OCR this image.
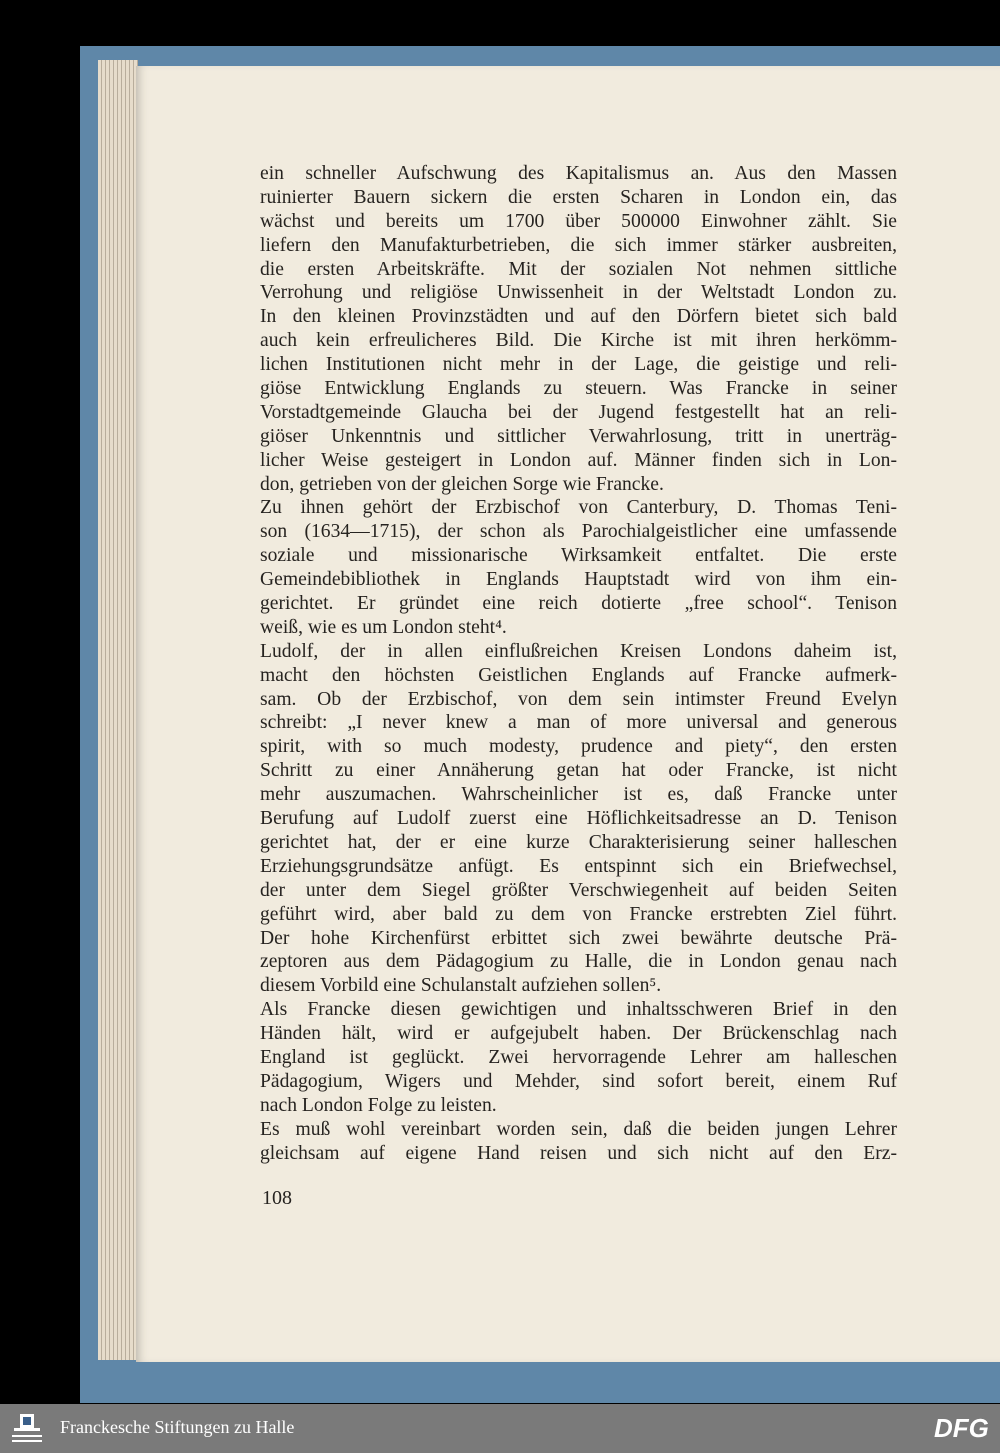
ein schneller Aufschwung des Kapitalismus an. Aus den Massen
ruinierter Bauern sickern die ersten Scharen in London ein, das
wächst und bereits um 1700 über 500000 Einwohner zählt. Sie
liefern den Manufakturbetrieben, die sich immer stärker ausbreiten,
die ersten Arbeitskräfte. Mit der sozialen Not nehmen sittliche
Verrohung und religiöse Unwissenheit in der Weltstadt London zu.
In den kleinen Provinzstädten und auf den Dörfern bietet sich bald
auch kein erfreulicheres Bild. Die Kirche ist mit ihren herkömm-
lichen Institutionen nicht mehr in der Lage, die geistige und reli-
giöse Entwicklung Englands zu steuern. Was Francke in seiner
Vorstadtgemeinde Glaucha bei der Jugend festgestellt hat an reli-
giöser Unkenntnis und sittlicher Verwahrlosung, tritt in unerträg-
licher Weise gesteigert in London auf. Männer finden sich in Lon-
don, getrieben von der gleichen Sorge wie Francke.
Zu ihnen gehört der Erzbischof von Canterbury, D. Thomas Teni-
son (1634—1715), der schon als Parochialgeistlicher eine umfassende
soziale und missionarische Wirksamkeit entfaltet. Die erste
Gemeindebibliothek in Englands Hauptstadt wird von ihm ein-
gerichtet. Er gründet eine reich dotierte „free school“. Tenison
weiß, wie es um London steht⁴.
Ludolf, der in allen einflußreichen Kreisen Londons daheim ist,
macht den höchsten Geistlichen Englands auf Francke aufmerk-
sam. Ob der Erzbischof, von dem sein intimster Freund Evelyn
schreibt: „I never knew a man of more universal and generous
spirit, with so much modesty, prudence and piety“, den ersten
Schritt zu einer Annäherung getan hat oder Francke, ist nicht
mehr auszumachen. Wahrscheinlicher ist es, daß Francke unter
Berufung auf Ludolf zuerst eine Höflichkeitsadresse an D. Tenison
gerichtet hat, der er eine kurze Charakterisierung seiner halleschen
Erziehungsgrundsätze anfügt. Es entspinnt sich ein Briefwechsel,
der unter dem Siegel größter Verschwiegenheit auf beiden Seiten
geführt wird, aber bald zu dem von Francke erstrebten Ziel führt.
Der hohe Kirchenfürst erbittet sich zwei bewährte deutsche Prä-
zeptoren aus dem Pädagogium zu Halle, die in London genau nach
diesem Vorbild eine Schulanstalt aufziehen sollen⁵.
Als Francke diesen gewichtigen und inhaltsschweren Brief in den
Händen hält, wird er aufgejubelt haben. Der Brückenschlag nach
England ist geglückt. Zwei hervorragende Lehrer am halleschen
Pädagogium, Wigers und Mehder, sind sofort bereit, einem Ruf
nach London Folge zu leisten.
Es muß wohl vereinbart worden sein, daß die beiden jungen Lehrer
gleichsam auf eigene Hand reisen und sich nicht auf den Erz-
108
Franckesche Stiftungen zu Halle	DFG
